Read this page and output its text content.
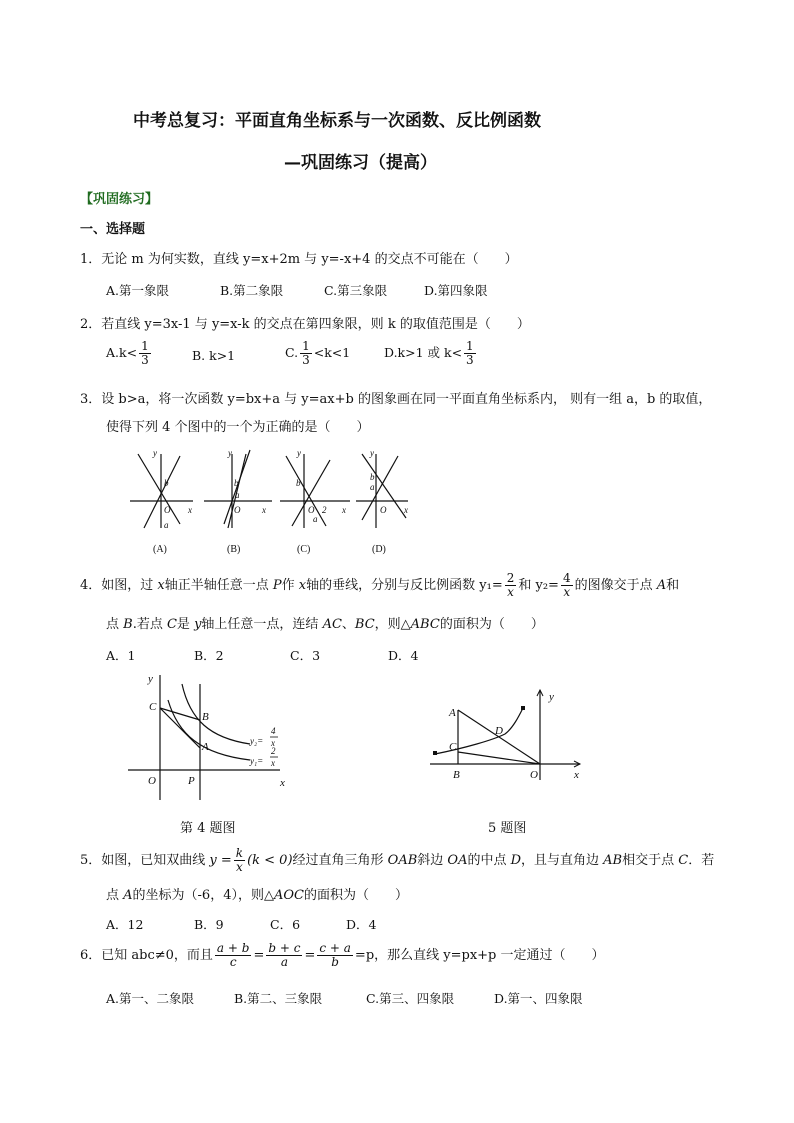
中考总复习：平面直角坐标系与一次函数、反比例函数
—巩固练习（提高）
【巩固练习】
一、选择题
1．无论 m 为何实数，直线 y=x+2m 与 y=-x+4 的交点不可能在（　　）
A.第一象限	B.第二象限	C.第三象限	D.第四象限
2．若直线 y=3x-1 与 y=x-k 的交点在第四象限，则 k 的取值范围是（　　）
$A.k< \frac{1}{3}$	B. k>1	C. $\frac{1}{3} <k<1$	D.k>1 或 $k< \frac{1}{3}$
3．设 b>a，将一次函数 y=bx+a 与 y=ax+b 的图象画在同一平面直角坐标系内， 则有一组 a，b 的取值，
使得下列 4 个图中的一个为正确的是（　　）
y
x
O
b
a
y
x
O
b
a
y
x
O
b
a
2
y
x
O
b
a
(A)	(B)	(C)	(D)
4．如图，过 x轴正半轴任意一点 P作 x轴的垂线，分别与反比例函数 $y_1= \frac{2}{x}$ 和 $y_2= \frac{4}{x}$ 的图像交于点 A和
点 B.若点 C是 y轴上任意一点，连结 AC、BC，则△ABC的面积为（　　）
A．1	B．2	C．3	D．4
y
x
O	P
C
B
A	y₂=
4
x
y₁=
2
x
第 4 题图
y
x
A
B
C
D
O
5 题图
5．如图，已知双曲线 $y = \frac{k}{x} (k < 0)$经过直角三角形 OAB斜边 OA的中点 D，且与直角边 AB相交于点 C．若
点 A的坐标为（-6，4），则△AOC的面积为（　　）
A．12	B．9	C．6	D．4
6．已知 abc≠0，而且 $\frac{a + b}{c} = \frac{b + c}{a} = \frac{c + a}{b} =p$，那么直线 y=px+p 一定通过（　　）
A.第一、二象限	B.第二、三象限	C.第三、四象限	D.第一、四象限
